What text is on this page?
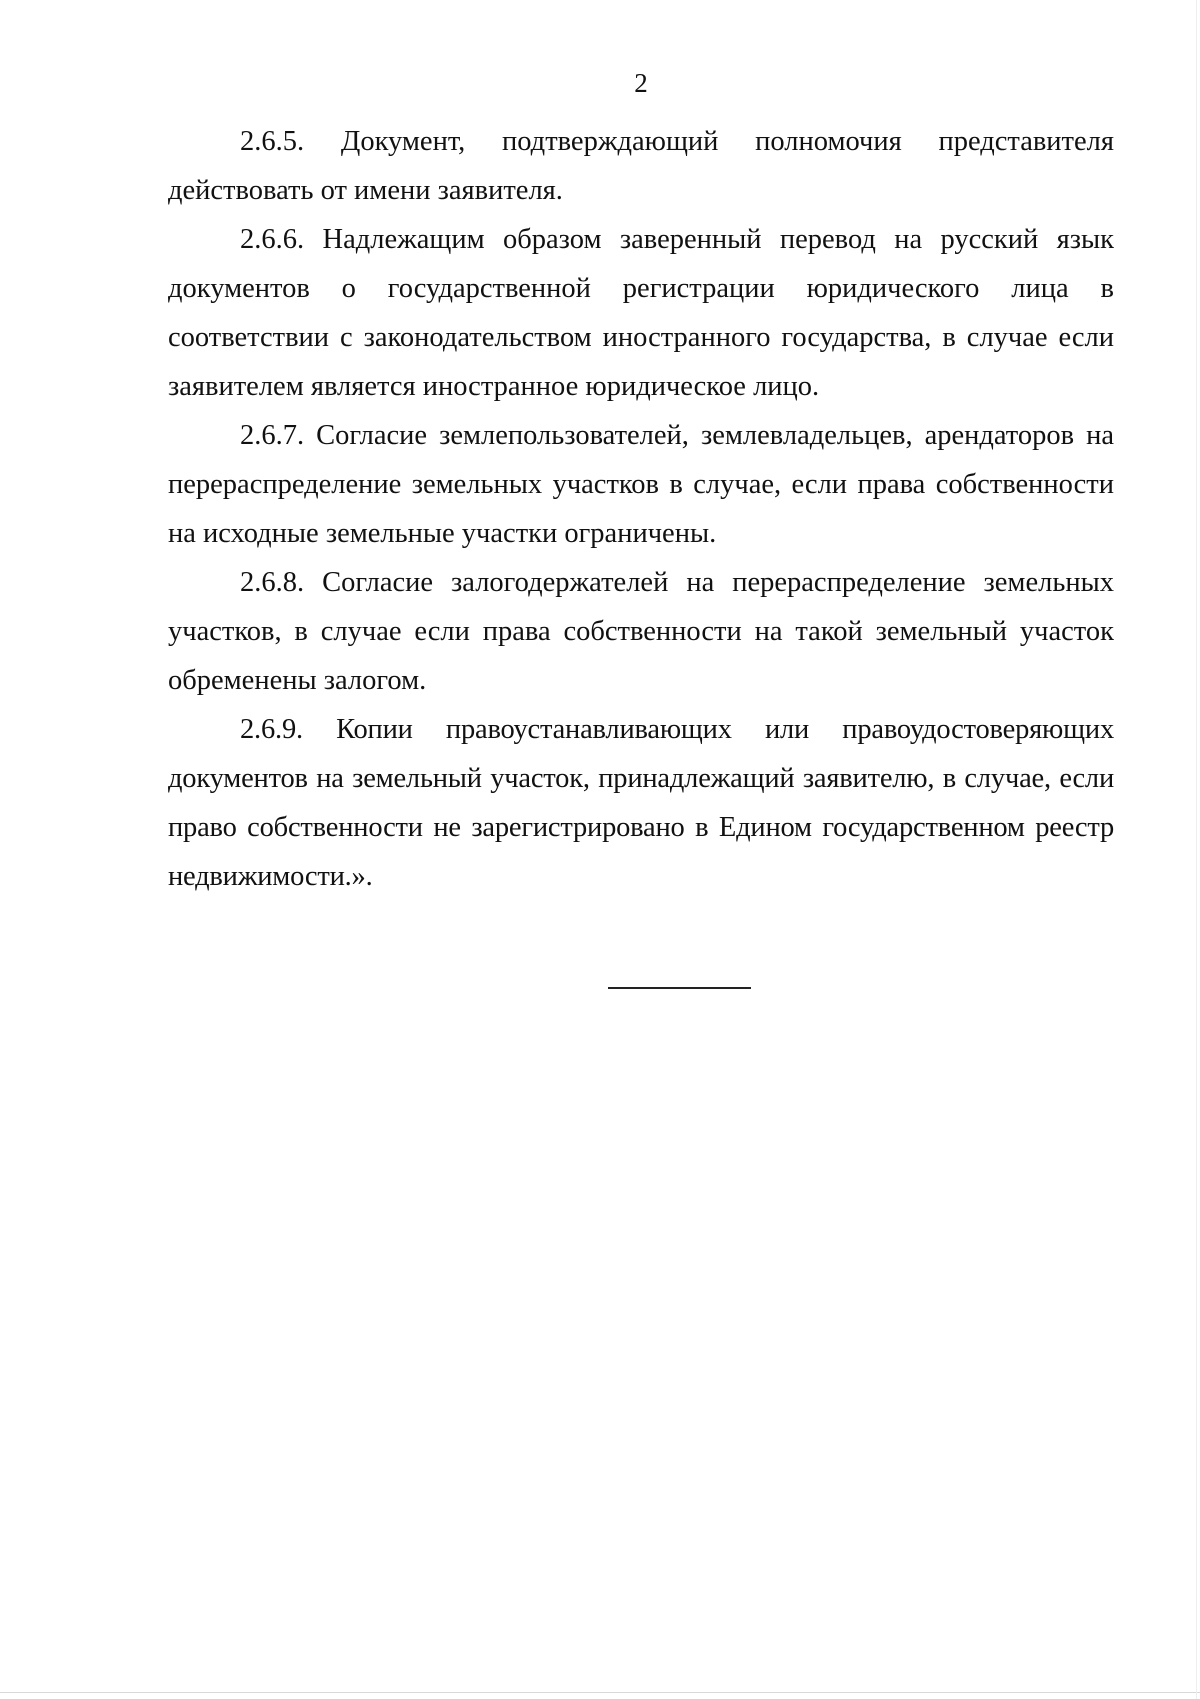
2

2.6.5. Документ, подтверждающий полномочия представителя действовать от имени заявителя.

2.6.6. Надлежащим образом заверенный перевод на русский язык документов о государственной регистрации юридического лица в соответствии с законодательством иностранного государства, в случае если заявителем является иностранное юридическое лицо.

2.6.7. Согласие землепользователей, землевладельцев, арендаторов на перераспределение земельных участков в случае, если права собственности на исходные земельные участки ограничены.

2.6.8. Согласие залогодержателей на перераспределение земельных участков, в случае если права собственности на такой земельный участок обременены залогом.

2.6.9. Копии правоустанавливающих или правоудостоверяющих документов на земельный участок, принадлежащий заявителю, в случае, если право собственности не зарегистрировано в Едином государственном реестр недвижимости.».
